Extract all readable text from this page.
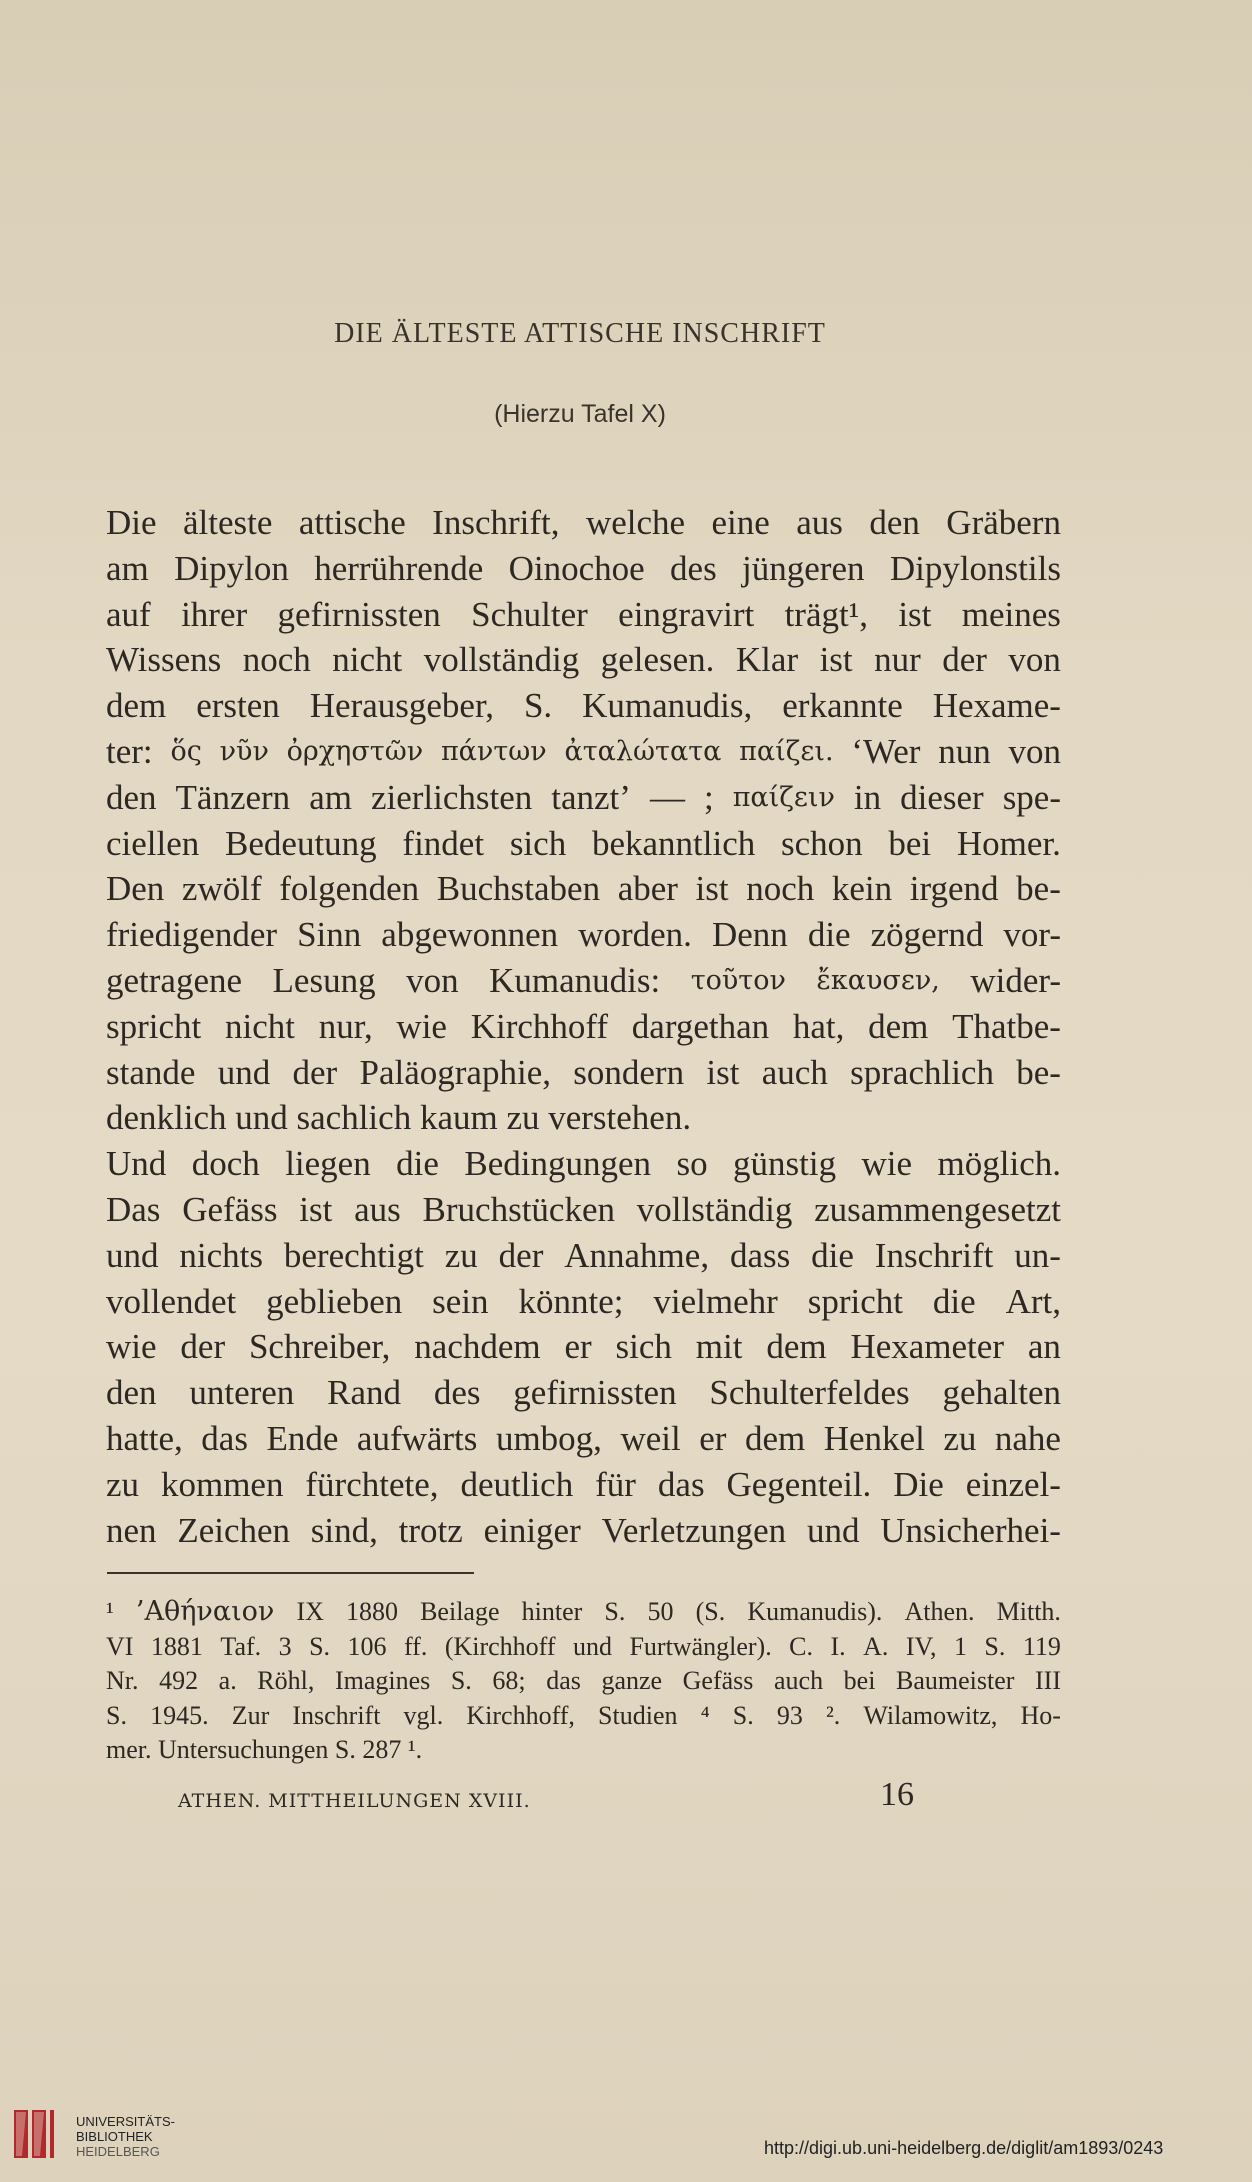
DIE ÄLTESTE ATTISCHE INSCHRIFT
(Hierzu Tafel X)
Die älteste attische Inschrift, welche eine aus den Gräbern
am Dipylon herrührende Oinochoe des jüngeren Dipylonstils
auf ihrer gefirnissten Schulter eingravirt trägt¹, ist meines
Wissens noch nicht vollständig gelesen. Klar ist nur der von
dem ersten Herausgeber, S. Kumanudis, erkannte Hexame-
ter: ὅς νῦν ὀρχηστῶν πάντων ἀταλώτατα παίζει. ‘Wer nun von
den Tänzern am zierlichsten tanzt’ — ; παίζειν in dieser spe-
ciellen Bedeutung findet sich bekanntlich schon bei Homer.
Den zwölf folgenden Buchstaben aber ist noch kein irgend be-
friedigender Sinn abgewonnen worden. Denn die zögernd vor-
getragene Lesung von Kumanudis: τοῦτον ἔκαυσεν, wider-
spricht nicht nur, wie Kirchhoff dargethan hat, dem Thatbe-
stande und der Paläographie, sondern ist auch sprachlich be-
denklich und sachlich kaum zu verstehen.
Und doch liegen die Bedingungen so günstig wie möglich.
Das Gefäss ist aus Bruchstücken vollständig zusammengesetzt
und nichts berechtigt zu der Annahme, dass die Inschrift un-
vollendet geblieben sein könnte; vielmehr spricht die Art,
wie der Schreiber, nachdem er sich mit dem Hexameter an
den unteren Rand des gefirnissten Schulterfeldes gehalten
hatte, das Ende aufwärts umbog, weil er dem Henkel zu nahe
zu kommen fürchtete, deutlich für das Gegenteil. Die einzel-
nen Zeichen sind, trotz einiger Verletzungen und Unsicherhei-
¹ ’Αθήναιον IX 1880 Beilage hinter S. 50 (S. Kumanudis). Athen. Mitth.
VI 1881 Taf. 3 S. 106 ff. (Kirchhoff und Furtwängler). C. I. A. IV, 1 S. 119
Nr. 492 a. Röhl, Imagines S. 68; das ganze Gefäss auch bei Baumeister III
S. 1945. Zur Inschrift vgl. Kirchhoff, Studien ⁴ S. 93 ². Wilamowitz, Ho-
mer. Untersuchungen S. 287 ¹.
ATHEN. MITTHEILUNGEN XVIII.	16
UNIVERSITÄTS-
BIBLIOTHEK
HEIDELBERG	http://digi.ub.uni-heidelberg.de/diglit/am1893/0243
